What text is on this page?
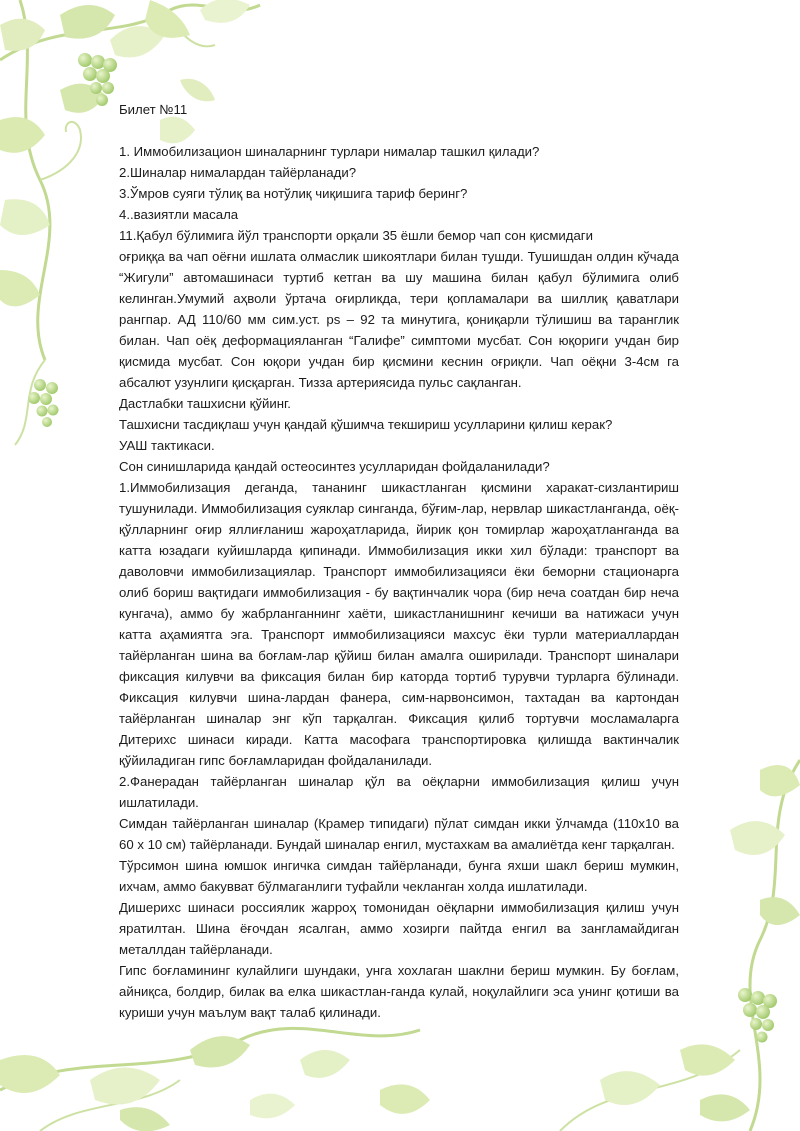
Билет №11

1. Иммобилизацион шиналарнинг турлари нималар ташкил қилади?

2.Шиналар нималардан тайёрланади?

3.Ўмров суяги тўлиқ ва нотўлиқ чиқишига тариф беринг?

4..вазиятли масала

11.Қабул бўлимига йўл транспорти орқали 35 ёшли бемор чап сон қисмидаги

оғриққа ва чап оёғни ишлата олмаслик шикоятлари билан тушди. Тушишдан олдин кўчада “Жигули” автомашинаси туртиб кетган ва шу машина билан қабул бўлимига олиб келинган.Умумий аҳволи ўртача оғирликда, тери қопламалари ва шиллиқ қаватлари рангпар. АД 110/60 мм сим.уст. ps – 92 та минутига, қониқарли тўлишиш ва таранглик билан. Чап оёқ деформацияланган “Галифе” симптоми мусбат. Сон юқориги учдан бир қисмида мусбат. Сон юқори учдан бир қисмини кеснин оғриқли. Чап оёқни 3-4см га абсалют узунлиги қисқарган. Тизза артериясида пульс сақланган.

Дастлабки ташхисни қўйинг.

Ташхисни тасдиқлаш учун қандай қўшимча текшириш усулларини қилиш керак?

УАШ тактикаси.

Сон синишларида қандай остеосинтез усулларидан фойдаланилади?

1.Иммобилизация деганда, тананинг шикастланган қисмини харакат-сизлантириш тушунилади. Иммобилизация суяклар синганда, бўғим-лар, нервлар шикастланганда, оёқ-қўлларнинг оғир яллиғланиш жароҳатларида, йирик қон томирлар жароҳатланганда ва катта юзадаги куйишларда қипинади. Иммобилизация икки хил бўлади: транспорт ва даволовчи иммобилизациялар. Транспорт иммобилизацияси ёки беморни стационарга олиб бориш вақтидаги иммобилизация - бу вақтинчалик чора (бир неча соатдан бир неча кунгача), аммо бу жабрланганнинг хаёти, шикастланишнинг кечиши ва натижаси учун катта аҳамиятга эга. Транспорт иммобилизацияси махсус ёки турли материаллардан тайёрланган шина ва боғлам-лар қўйиш билан амалга оширилади. Транспорт шиналари фиксация килувчи ва фиксация билан бир каторда тортиб турувчи турларга бўлинади. Фиксация килувчи шина-лардан фанера, сим-нарвонсимон, тахтадан ва картондан тайёрланган шиналар энг кўп тарқалган. Фиксация қилиб тортувчи мосламаларга Дитерихс шинаси киради. Катта масофага транспортировка қилишда вактинчалик қўйиладиган гипс боғламларидан фойдаланилади.

2.Фанерадан тайёрланган шиналар қўл ва оёқларни иммобилизация қилиш учун ишлатилади.

Симдан тайёрланган шиналар (Крамер типидаги) пўлат симдан икки ўлчамда (110x10 ва 60 x 10 см) тайёрланади. Бундай шиналар енгил, мустахкам ва амалиётда кенг тарқалган.

Тўрсимон шина юмшок ингичка симдан тайёрланади, бунга яхши шакл бериш мумкин, ихчам, аммо бакувват бўлмаганлиги туфайли чекланган холда ишлатилади.

Дишерихс шинаси россиялик жарроҳ томонидан оёқларни иммобилизация қилиш учун яратилтан. Шина ёғочдан ясалган, аммо хозирги пайтда енгил ва зангламайдиган металлдан тайёрланади.

Гипс боғламининг кулайлиги шундаки, унга хохлаган шаклни бериш мумкин. Бу боғлам, айниқса, болдир, билак ва елка шикастлан-ганда кулай, ноқулайлиги эса унинг қотиши ва куриши учун маълум вақт талаб қилинади.
